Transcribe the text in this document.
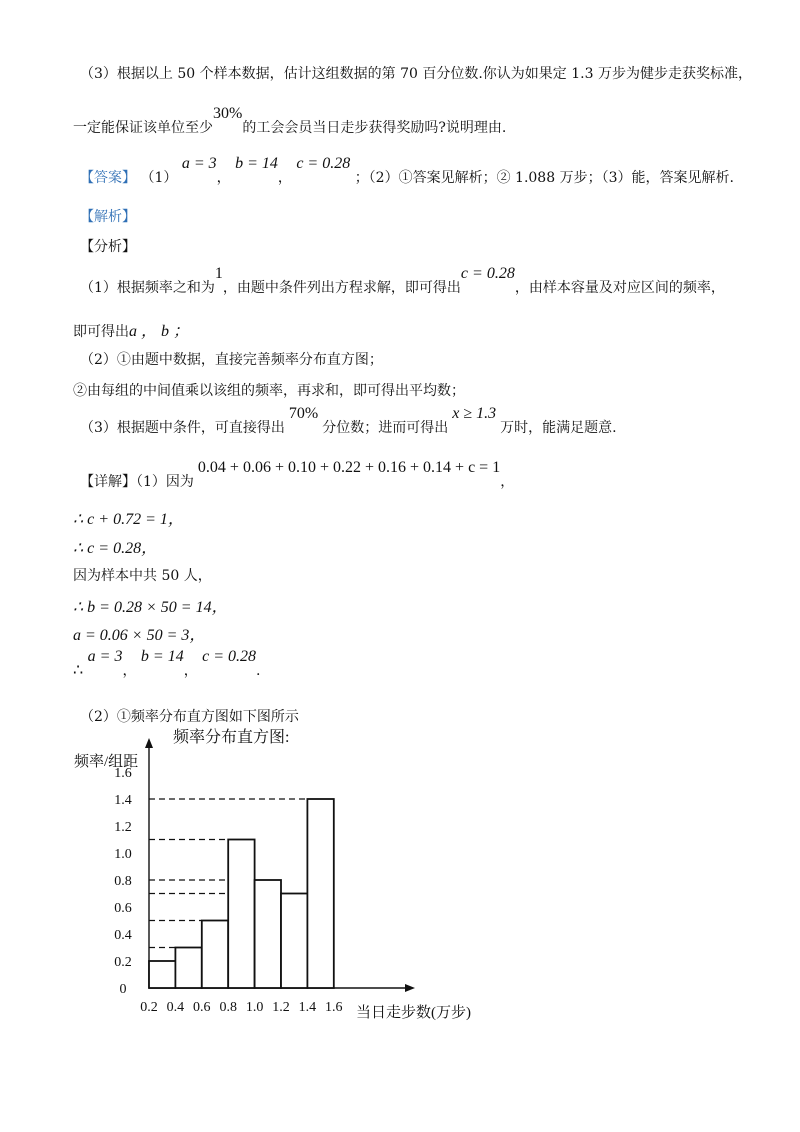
（3）根据以上 50 个样本数据，估计这组数据的第 70 百分位数.你认为如果定 1.3 万步为健步走获奖标准，
一定能保证该单位至少30%的工会会员当日走步获得奖励吗?说明理由.
【答案】 （1） a = 3， b = 14， c = 0.28 ；（2）①答案见解析；② 1.088 万步；（3）能，答案见解析.
【解析】
【分析】
（1）根据频率之和为1，由题中条件列出方程求解，即可得出c = 0.28，由样本容量及对应区间的频率，
即可得出a ， b ；
（2）①由题中数据，直接完善频率分布直方图；
②由每组的中间值乘以该组的频率，再求和，即可得出平均数；
（3）根据题中条件，可直接得出70%分位数；进而可得出x ≥ 1.3万时，能满足题意.
【详解】（1）因为0.04 + 0.06 + 0.10 + 0.22 + 0.16 + 0.14 + c = 1，
∴ c + 0.72 = 1，
∴ c = 0.28，
因为样本中共 50 人，
∴ b = 0.28 × 50 = 14，
a = 0.06 × 50 = 3，
∴ a = 3， b = 14， c = 0.28.
（2）①频率分布直方图如下图所示
频率分布直方图:
频率/组距
当日走步数(万步)
0
0.2
0.4
0.6
0.8
1.0
1.2
1.4
1.6
0.2 0.4 0.6 0.8 1.0 1.2 1.4 1.6
